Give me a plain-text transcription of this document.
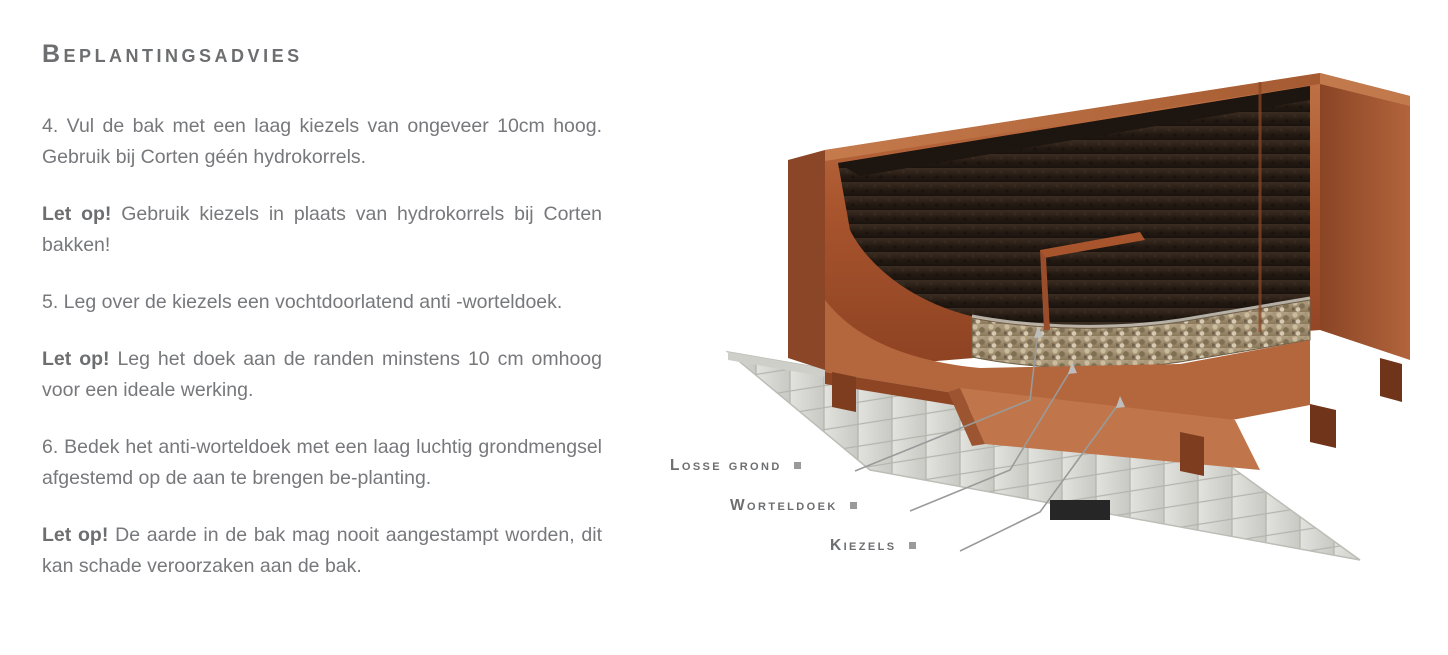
Beplantingsadvies

4. Vul de bak met een laag kiezels van ongeveer 10cm hoog. Gebruik bij Corten géén hydrokorrels.

Let op! Gebruik kiezels in plaats van hydrokorrels bij Corten bakken!

5. Leg over de kiezels een vochtdoorlatend anti -worteldoek.

Let op! Leg het doek aan de randen minstens 10 cm omhoog voor een ideale werking.

6. Bedek het anti-worteldoek met een laag luchtig grondmengsel afgestemd op de aan te brengen be-planting.

Let op! De aarde in de bak mag nooit aangestampt worden, dit kan schade veroorzaken aan de bak.

Losse grond
Worteldoek
Kiezels
